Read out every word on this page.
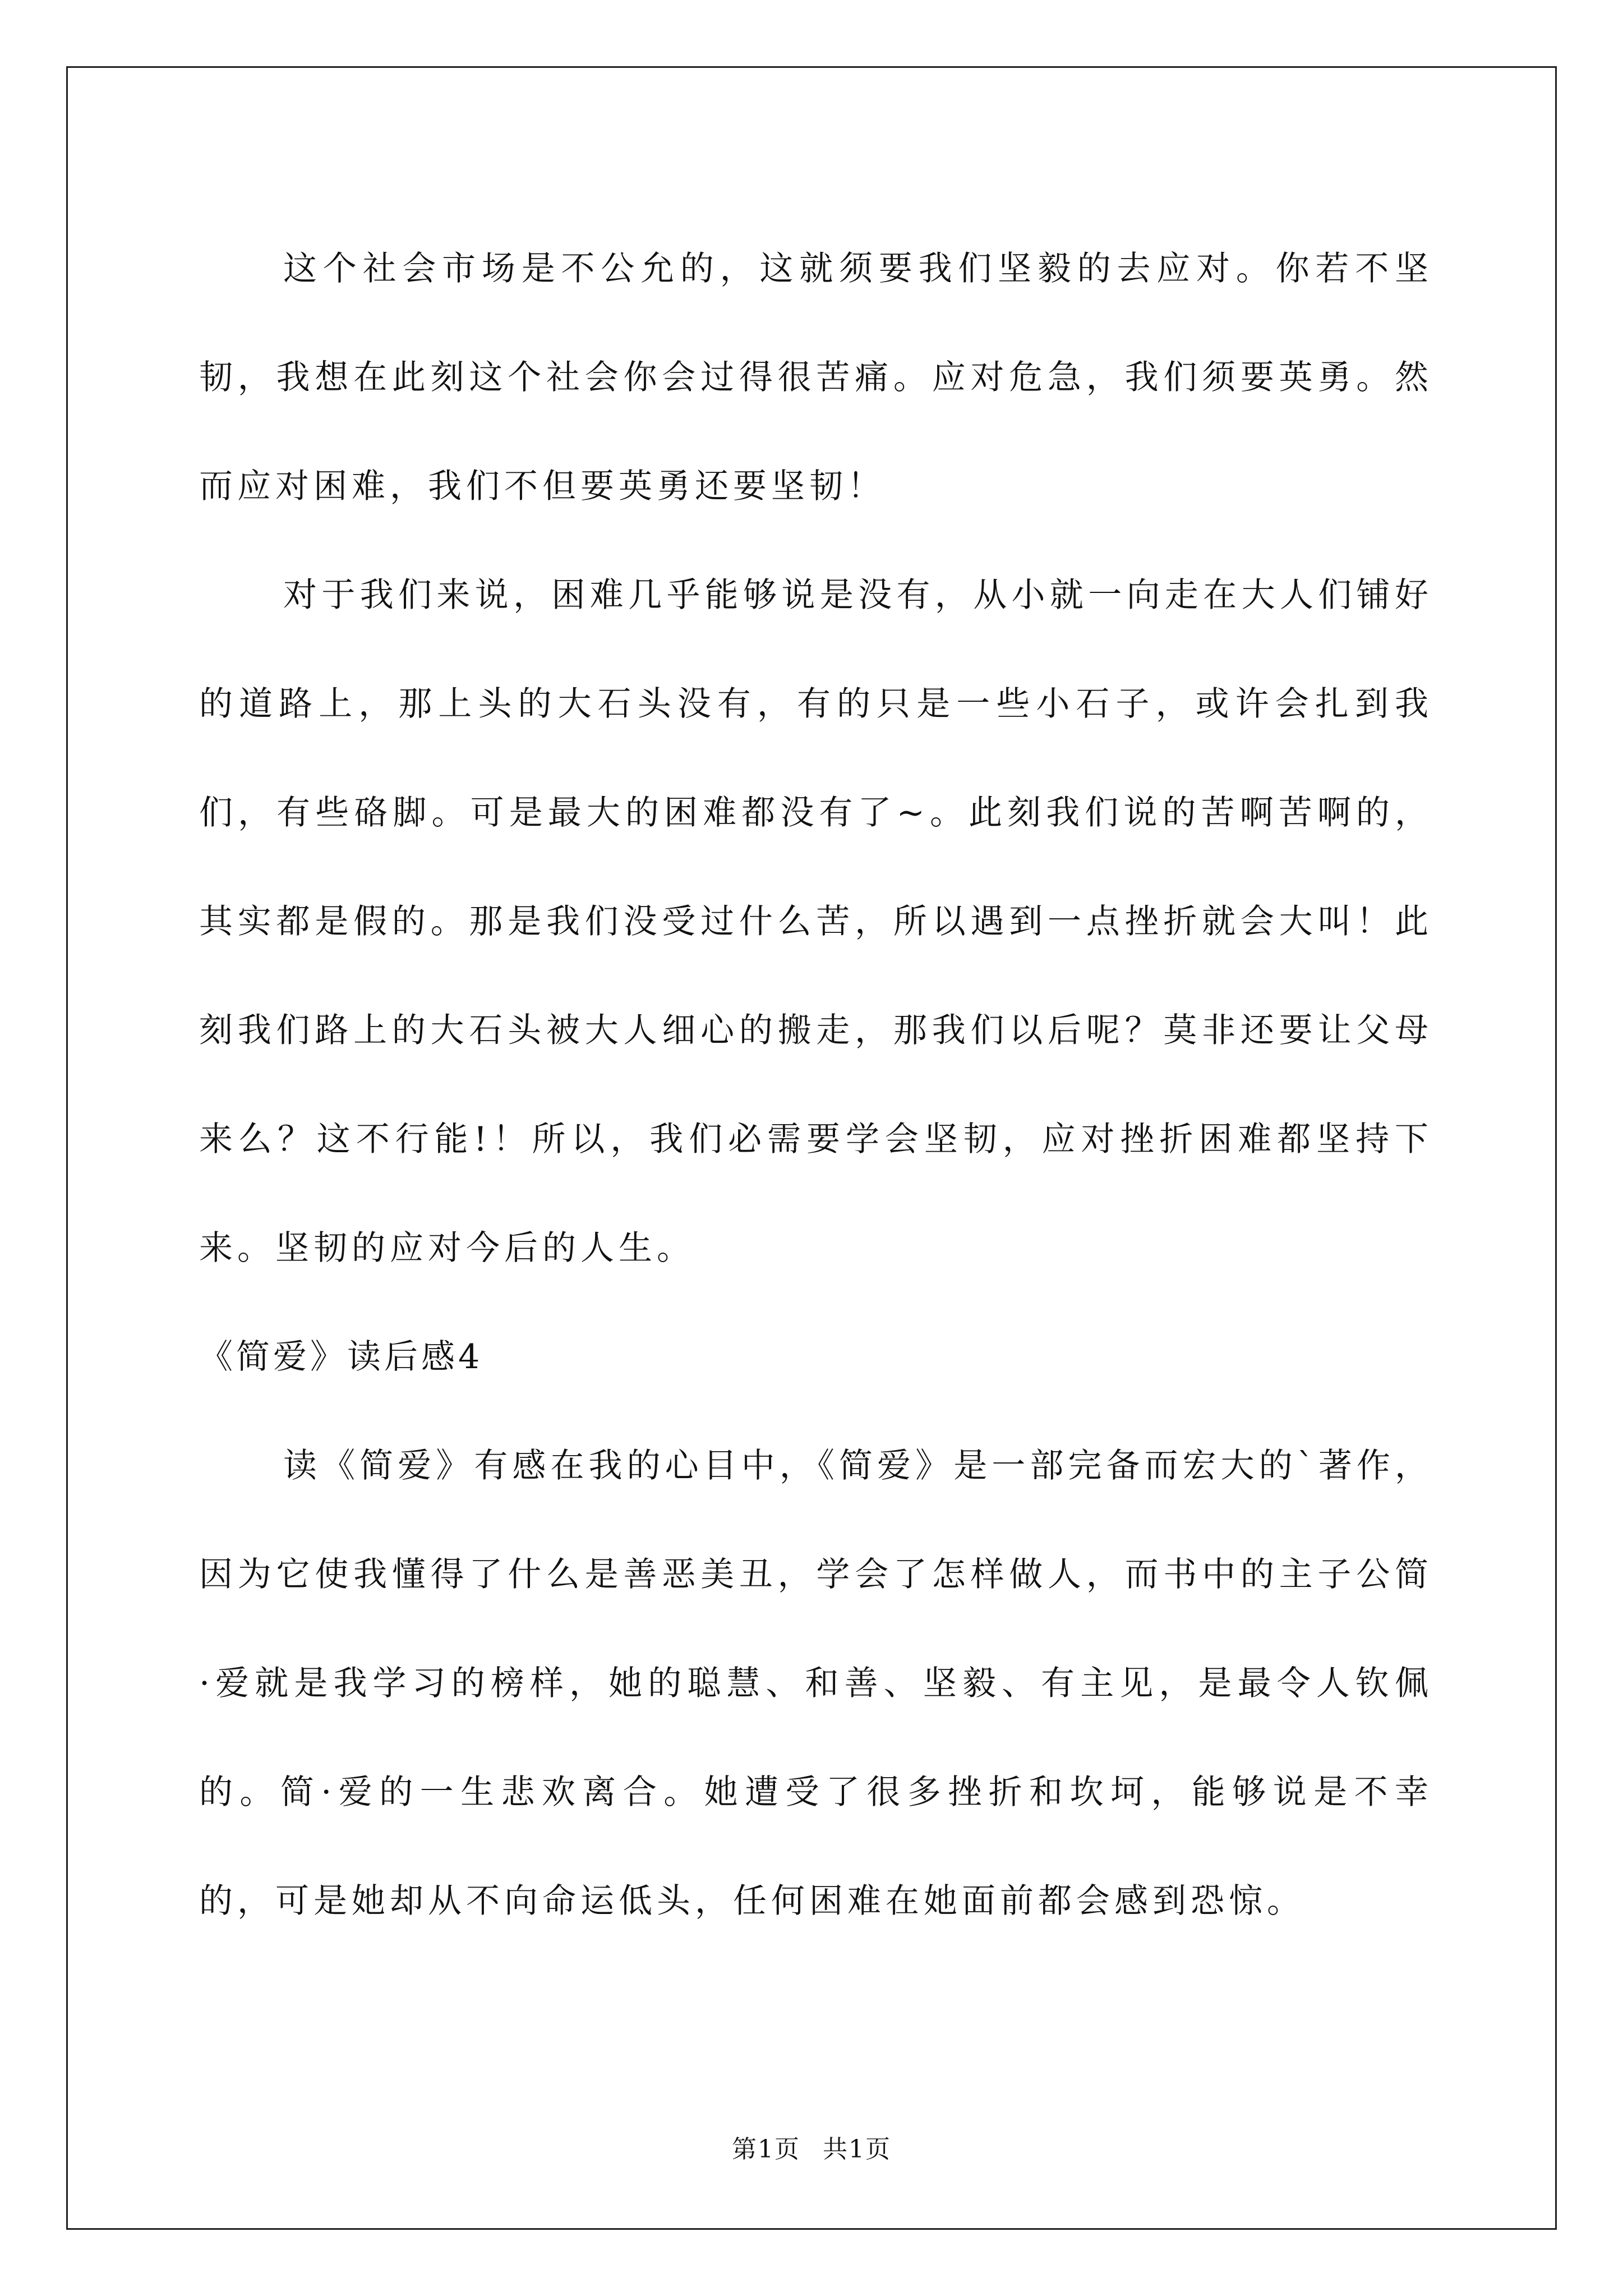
这个社会市场是不公允的，这就须要我们坚毅的去应对。你若不坚韧，我想在此刻这个社会你会过得很苦痛。应对危急，我们须要英勇。然而应对困难，我们不但要英勇还要坚韧！

对于我们来说，困难几乎能够说是没有，从小就一向走在大人们铺好的道路上，那上头的大石头没有，有的只是一些小石子，或许会扎到我们，有些硌脚。可是最大的困难都没有了~。此刻我们说的苦啊苦啊的，其实都是假的。那是我们没受过什么苦，所以遇到一点挫折就会大叫！此刻我们路上的大石头被大人细心的搬走，那我们以后呢？莫非还要让父母来么？这不行能!！所以，我们必需要学会坚韧，应对挫折困难都坚持下来。坚韧的应对今后的人生。

《简爱》读后感4

读《简爱》有感在我的心目中，《简爱》是一部完备而宏大的`著作，因为它使我懂得了什么是善恶美丑，学会了怎样做人，而书中的主子公简·爱就是我学习的榜样，她的聪慧、和善、坚毅、有主见，是最令人钦佩的。简·爱的一生悲欢离合。她遭受了很多挫折和坎坷，能够说是不幸的，可是她却从不向命运低头，任何困难在她面前都会感到恐惊。

第1页 共1页
